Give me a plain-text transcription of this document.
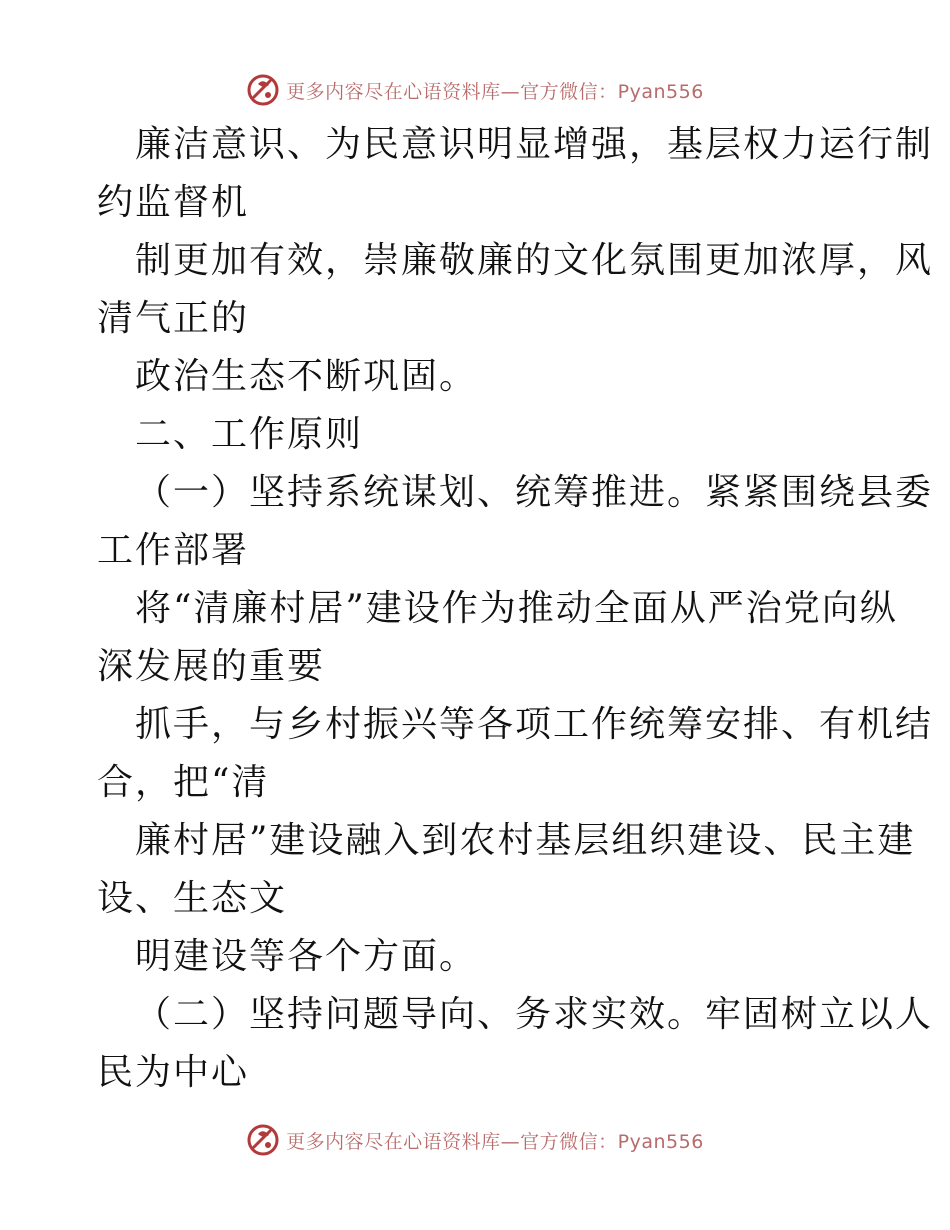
更多内容尽在心语资料库—官方微信：Pyan556
廉洁意识、为民意识明显增强，基层权力运行制
约监督机
制更加有效，崇廉敬廉的文化氛围更加浓厚，风
清气正的
政治生态不断巩固。
二、工作原则
（一）坚持系统谋划、统筹推进。紧紧围绕县委
工作部署
将“清廉村居”建设作为推动全面从严治党向纵
深发展的重要
抓手，与乡村振兴等各项工作统筹安排、有机结
合，把“清
廉村居”建设融入到农村基层组织建设、民主建
设、生态文
明建设等各个方面。
（二）坚持问题导向、务求实效。牢固树立以人
民为中心
更多内容尽在心语资料库—官方微信：Pyan556
